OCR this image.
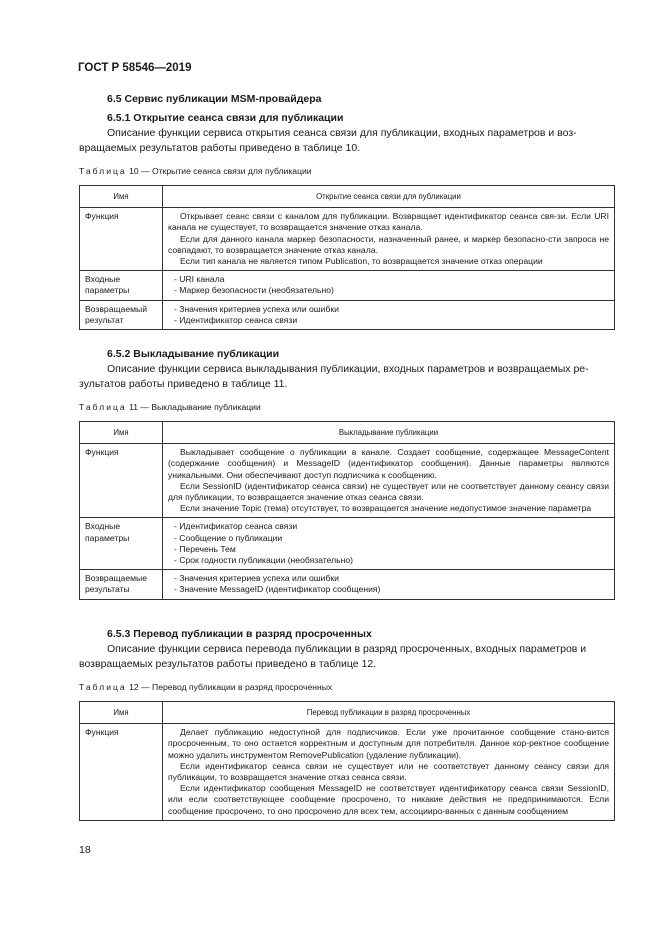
ГОСТ Р 58546—2019
6.5 Сервис публикации MSM-провайдера
6.5.1 Открытие сеанса связи для публикации
Описание функции сервиса открытия сеанса связи для публикации, входных параметров и воз-
вращаемых результатов работы приведено в таблице 10.
Таблица 10 — Открытие сеанса связи для публикации
Имя	Открытие сеанса связи для публикации
Функция	Открывает сеанс связи с каналом для публикации. Возвращает идентификатор сеанса свя-зи. Если URI канала не существует, то возвращается значение отказ канала.

Если для данного канала маркер безопасности, назначенный ранее, и маркер безопасно-сти запроса не совпадают, то возвращается значение отказ канала.

Если тип канала не является типом Publication, то возвращается значение отказ операции

Входные
параметры	- URI канала
- Маркер безопасности (необязательно)

Возвращаемый
результат	- Значения критериев успеха или ошибки
- Идентификатор сеанса связи
6.5.2 Выкладывание публикации
Описание функции сервиса выкладывания публикации, входных параметров и возвращаемых ре-
зультатов работы приведено в таблице 11.
Таблица 11 — Выкладывание публикации
Имя	Выкладывание публикации
Функция	Выкладывает сообщение о публикации в канале. Создает сообщение, содержащее MessageContent (содержание сообщения) и MessageID (идентификатор сообщения). Данные параметры являются уникальными. Они обеспечивают доступ подписчика к сообщению.

Если SessionID (идентификатор сеанса связи) не существует или не соответствует данному сеансу связи для публикации, то возвращается значение отказ сеанса связи.

Если значение Topic (тема) отсутствует, то возвращается значение недопустимое значение параметра

Входные
параметры	- Идентификатор сеанса связи
- Сообщение о публикации
- Перечень Тем
- Срок годности публикации (необязательно)

Возвращаемые
результаты	- Значения критериев успеха или ошибки
- Значение MessageID (идентификатор сообщения)
6.5.3 Перевод публикации в разряд просроченных
Описание функции сервиса перевода публикации в разряд просроченных, входных параметров и
возвращаемых результатов работы приведено в таблице 12.
Таблица 12 — Перевод публикации в разряд просроченных
Имя	Перевод публикации в разряд просроченных
Функция	Делает публикацию недоступной для подписчиков. Если уже прочитанное сообщение стано-вится просроченным, то оно остается корректным и доступным для потребителя. Данное кор-ректное сообщение можно удалить инструментом RemovePublication (удаление публикации).

Если идентификатор сеанса связи не существует или не соответствует данному сеансу связи для публикации, то возвращается значение отказ сеанса связи.

Если идентификатор сообщения MessageID не соответствует идентификатору сеанса связи SessionID, или если соответствующее сообщение просрочено, то никакие действия не предпринимаются. Если сообщение просрочено, то оно просрочено для всех тем, ассоцииро-ванных с данным сообщением

18
